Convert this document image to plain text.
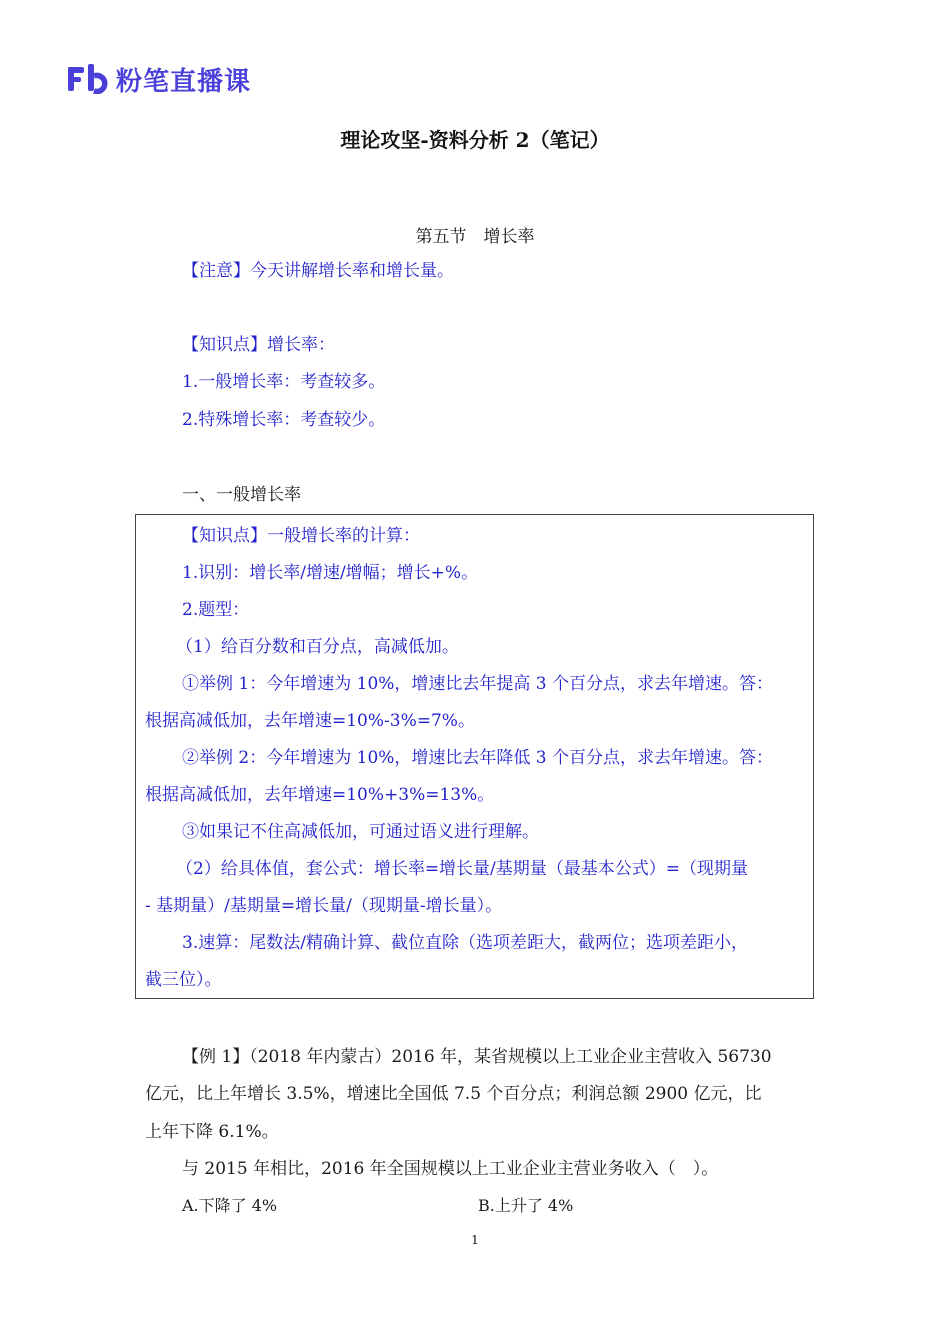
粉笔直播课
理论攻坚-资料分析 2（笔记）
第五节　增长率
【注意】今天讲解增长率和增长量。
【知识点】增长率：
1.一般增长率：考查较多。
2.特殊增长率：考查较少。
一、一般增长率
【知识点】一般增长率的计算：
1.识别：增长率/增速/增幅；增长+%。
2.题型：
（1）给百分数和百分点，高减低加。
①举例 1：今年增速为 10%，增速比去年提高 3 个百分点，求去年增速。答：
根据高减低加，去年增速=10%-3%=7%。
②举例 2：今年增速为 10%，增速比去年降低 3 个百分点，求去年增速。答：
根据高减低加，去年增速=10%+3%=13%。
③如果记不住高减低加，可通过语义进行理解。
（2）给具体值，套公式：增长率=增长量/基期量（最基本公式）=（现期量
- 基期量）/基期量=增长量/（现期量-增长量）。
3.速算：尾数法/精确计算、截位直除（选项差距大，截两位；选项差距小，
截三位）。
【例 1】（2018 年内蒙古）2016 年，某省规模以上工业企业主营收入 56730
亿元，比上年增长 3.5%，增速比全国低 7.5 个百分点；利润总额 2900 亿元，比
上年下降 6.1%。
与 2015 年相比，2016 年全国规模以上工业企业主营业务收入（　）。
A.下降了 4%	B.上升了 4%
1
